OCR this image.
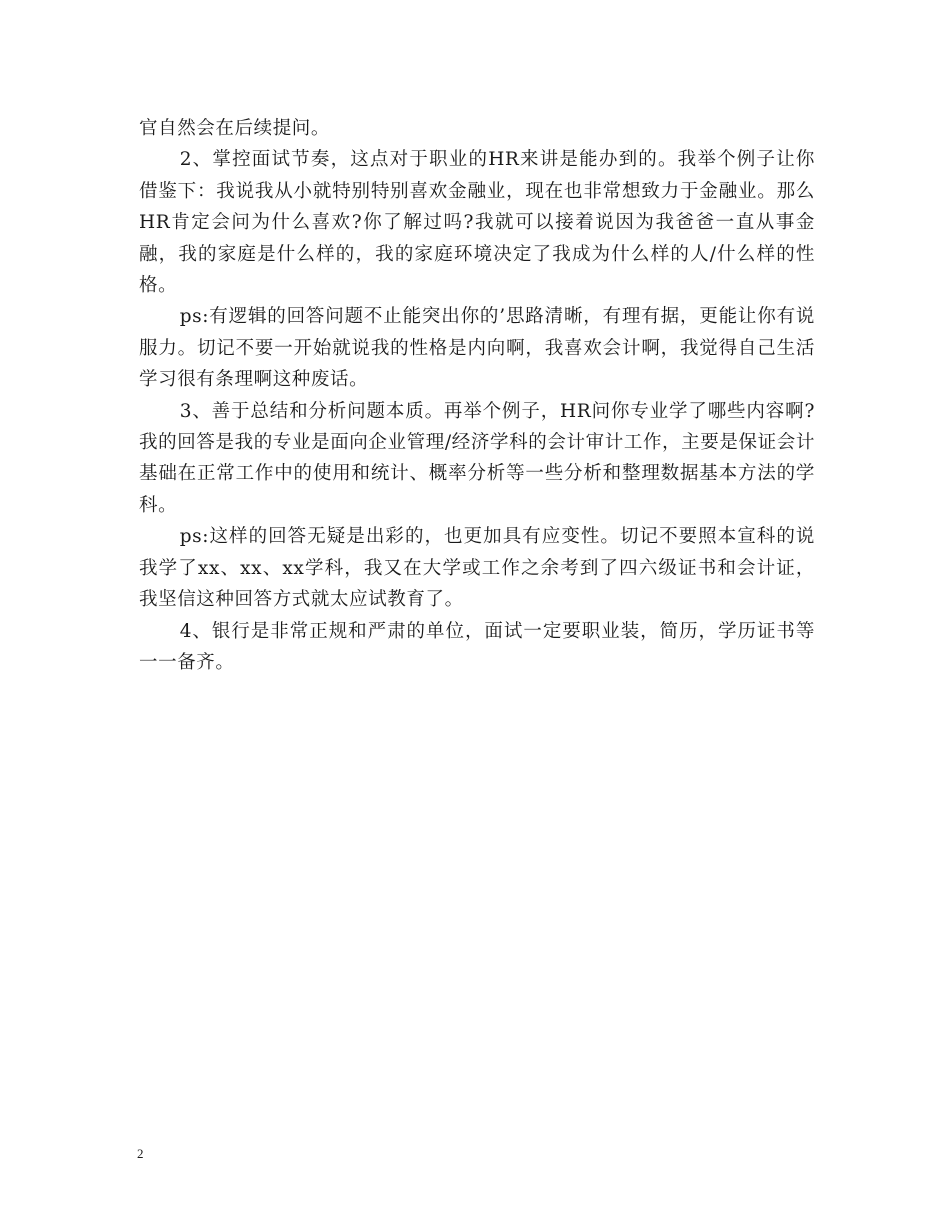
官自然会在后续提问。

2、掌控面试节奏，这点对于职业的HR来讲是能办到的。我举个例子让你借鉴下：我说我从小就特别特别喜欢金融业，现在也非常想致力于金融业。那么HR肯定会问为什么喜欢?你了解过吗?我就可以接着说因为我爸爸一直从事金融，我的家庭是什么样的，我的家庭环境决定了我成为什么样的人/什么样的性格。

ps:有逻辑的回答问题不止能突出你的’思路清晰，有理有据，更能让你有说服力。切记不要一开始就说我的性格是内向啊，我喜欢会计啊，我觉得自己生活学习很有条理啊这种废话。

3、善于总结和分析问题本质。再举个例子，HR问你专业学了哪些内容啊?我的回答是我的专业是面向企业管理/经济学科的会计审计工作，主要是保证会计基础在正常工作中的使用和统计、概率分析等一些分析和整理数据基本方法的学科。

ps:这样的回答无疑是出彩的，也更加具有应变性。切记不要照本宣科的说我学了xx、xx、xx学科，我又在大学或工作之余考到了四六级证书和会计证，我坚信这种回答方式就太应试教育了。

4、银行是非常正规和严肃的单位，面试一定要职业装，简历，学历证书等一一备齐。

2
